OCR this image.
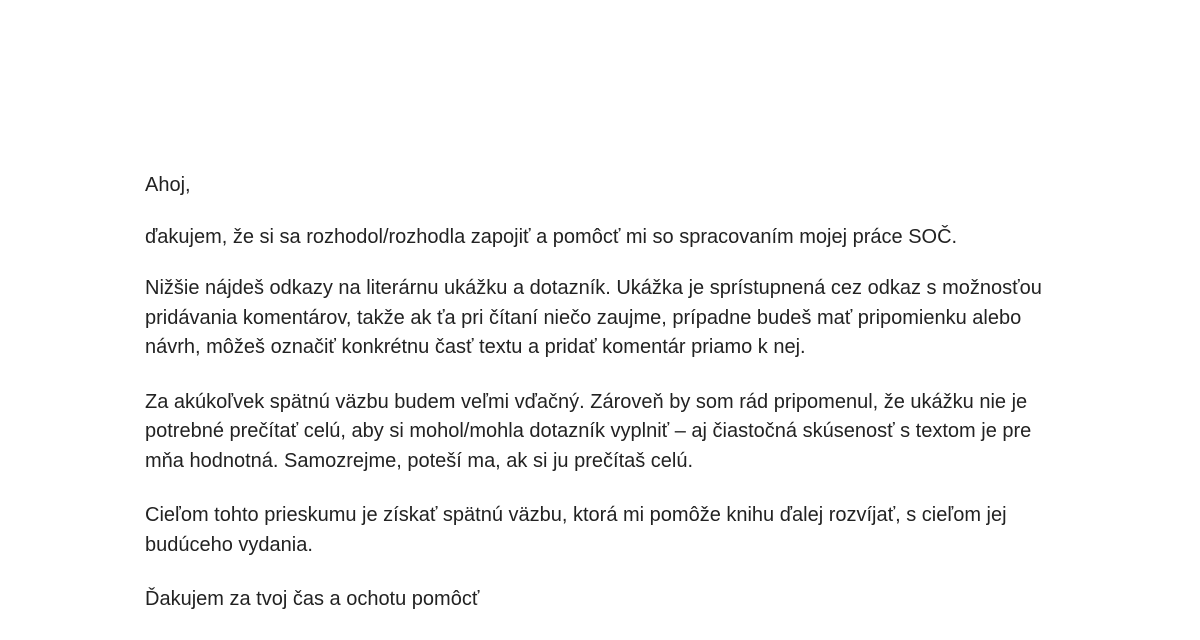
Ahoj,

ďakujem, že si sa rozhodol/rozhodla zapojiť a pomôcť mi so spracovaním mojej práce SOČ.

Nižšie nájdeš odkazy na literárnu ukážku a dotazník. Ukážka je sprístupnená cez odkaz s možnosťou pridávania komentárov, takže ak ťa pri čítaní niečo zaujme, prípadne budeš mať pripomienku alebo návrh, môžeš označiť konkrétnu časť textu a pridať komentár priamo k nej.

Za akúkoľvek spätnú väzbu budem veľmi vďačný. Zároveň by som rád pripomenul, že ukážku nie je potrebné prečítať celú, aby si mohol/mohla dotazník vyplniť – aj čiastočná skúsenosť s textom je pre mňa hodnotná. Samozrejme, poteší ma, ak si ju prečítaš celú.

Cieľom tohto prieskumu je získať spätnú väzbu, ktorá mi pomôže knihu ďalej rozvíjať, s cieľom jej budúceho vydania.

Ďakujem za tvoj čas a ochotu pomôcť
